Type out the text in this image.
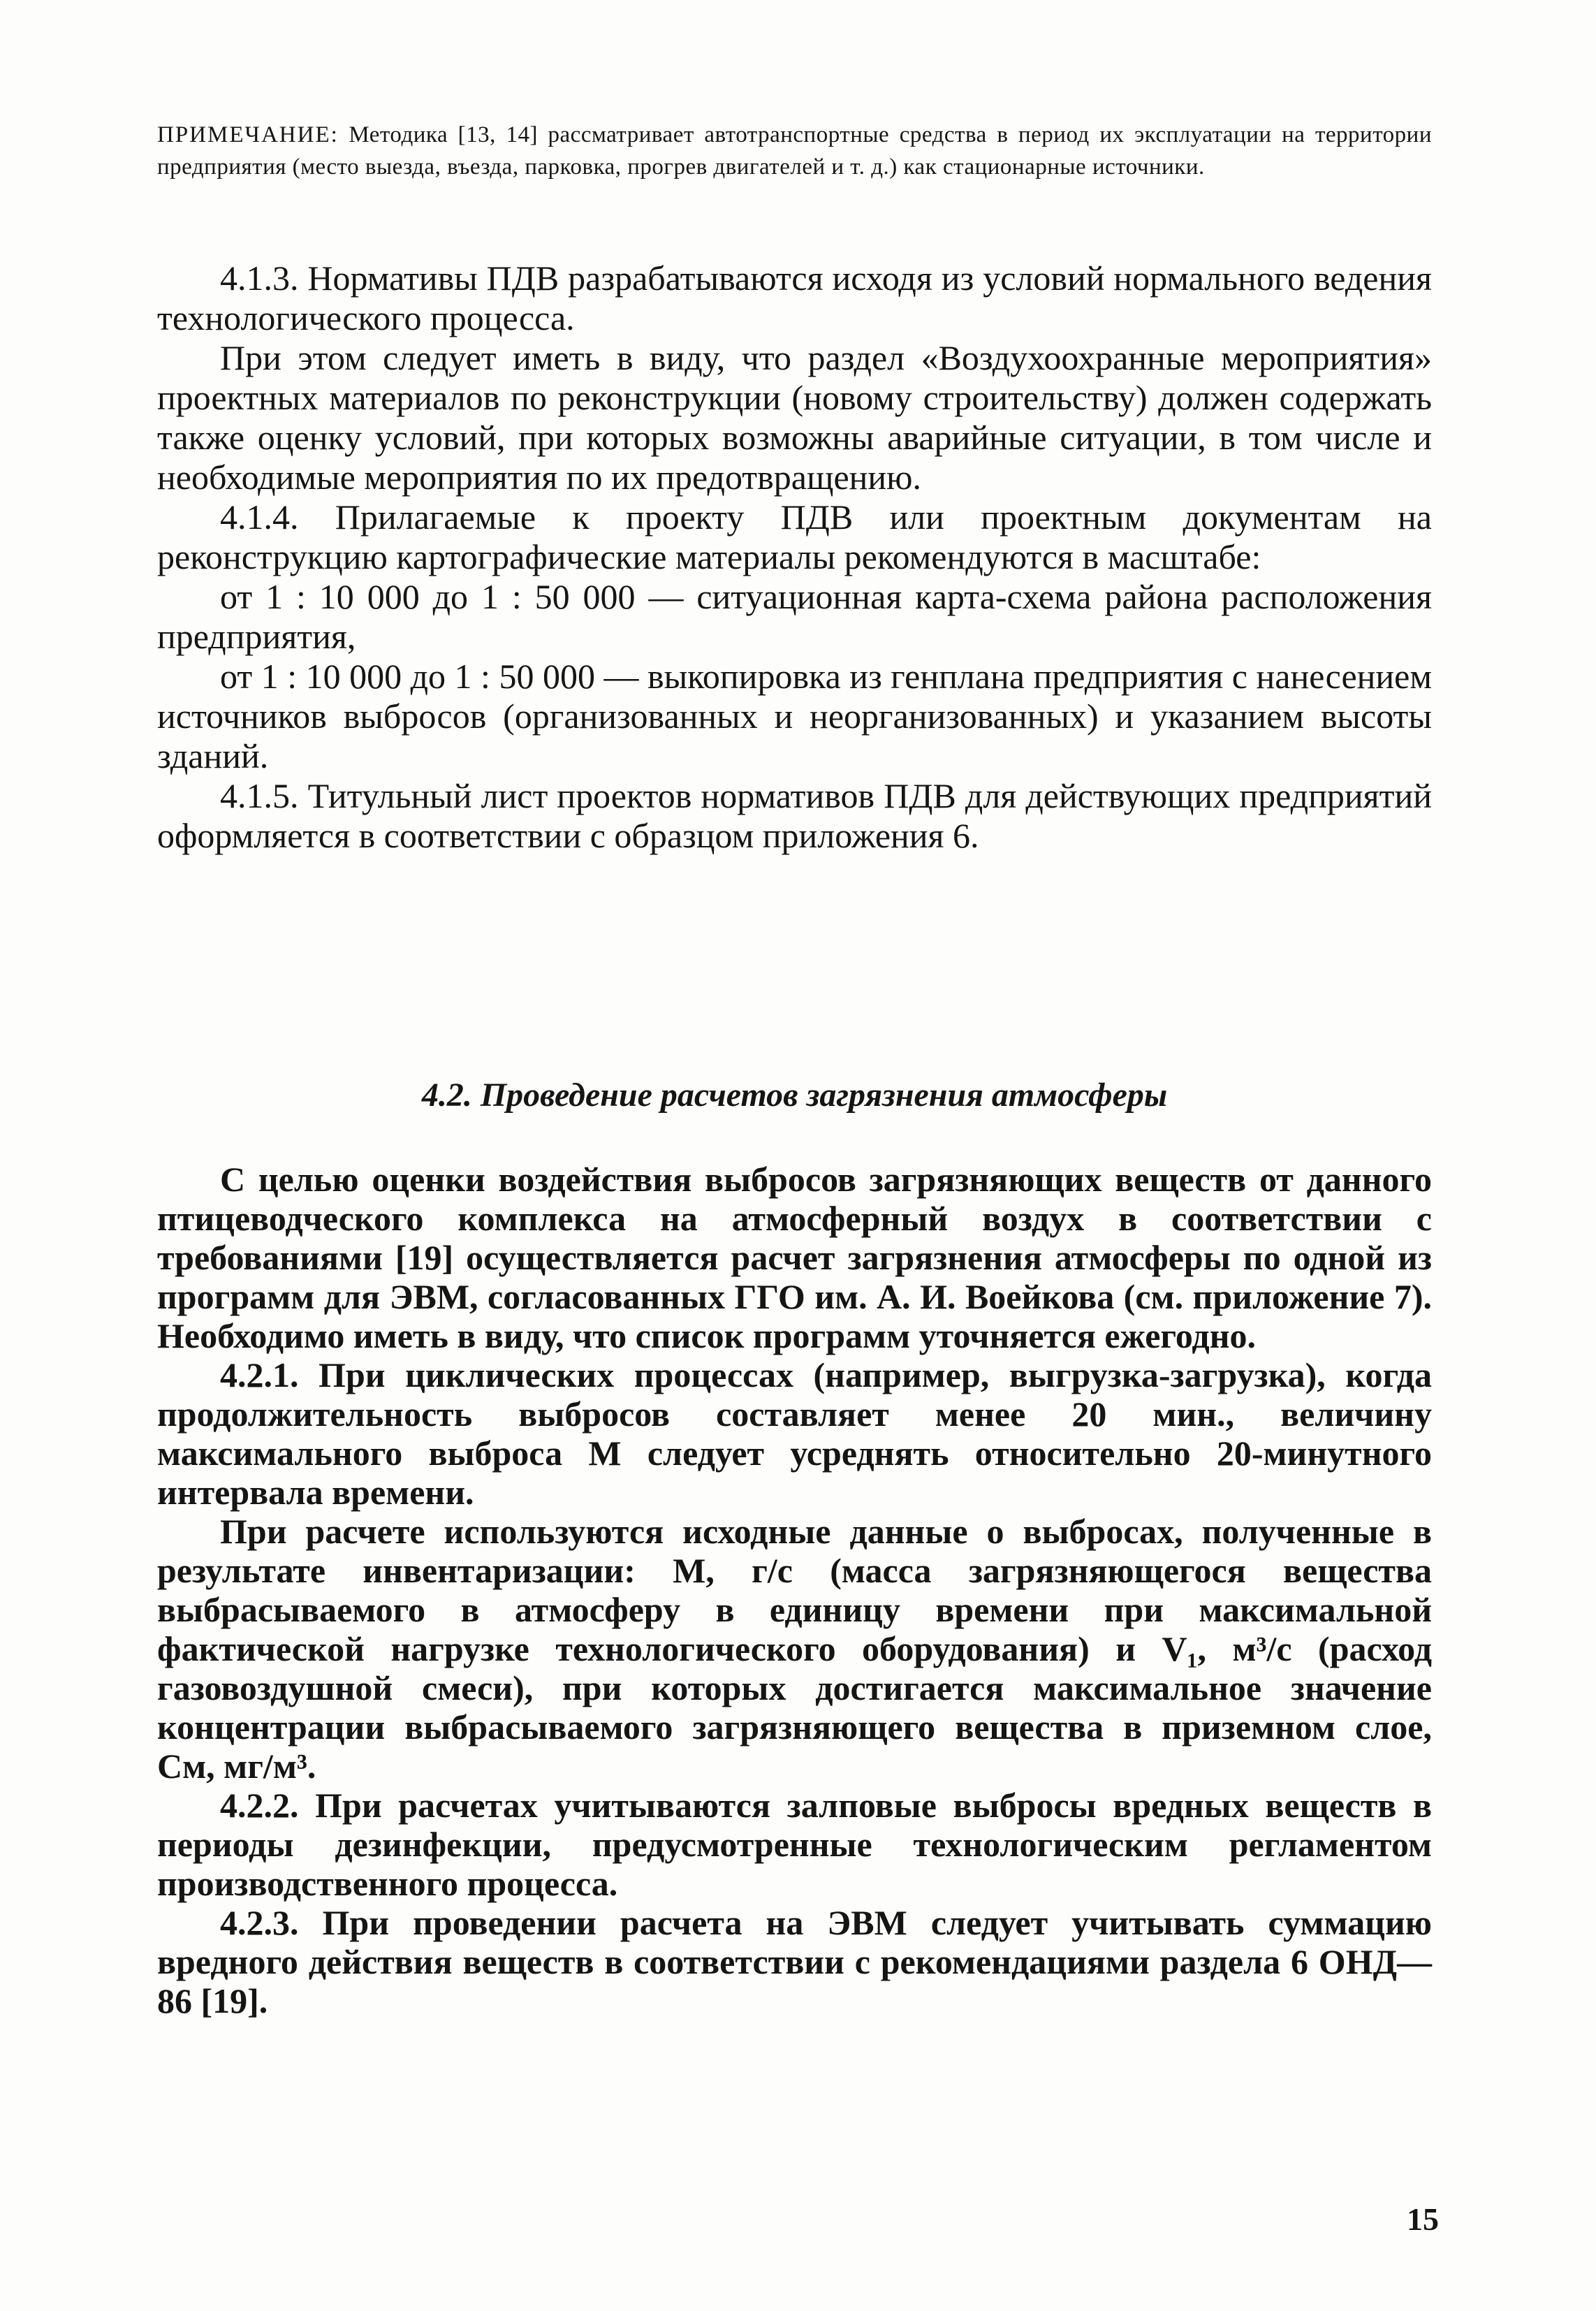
ПРИМЕЧАНИЕ: Методика [13, 14] рассматривает автотранспортные средства в период их эксплуатации на территории предприятия (место выезда, въезда, парковка, прогрев двигателей и т. д.) как стационарные источники.

4.1.3. Нормативы ПДВ разрабатываются исходя из условий нормального ведения технологического процесса.

При этом следует иметь в виду, что раздел «Воздухоохранные мероприятия» проектных материалов по реконструкции (новому строительству) должен содержать также оценку условий, при которых возможны аварийные ситуации, в том числе и необходимые мероприятия по их предотвращению.

4.1.4. Прилагаемые к проекту ПДВ или проектным документам на реконструкцию картографические материалы рекомендуются в масштабе:

от 1 : 10 000 до 1 : 50 000 — ситуационная карта-схема района расположения предприятия,

от 1 : 10 000 до 1 : 50 000 — выкопировка из генплана предприятия с нанесением источников выбросов (организованных и неорганизованных) и указанием высоты зданий.

4.1.5. Титульный лист проектов нормативов ПДВ для действующих предприятий оформляется в соответствии с образцом приложения 6.

4.2. Проведение расчетов загрязнения атмосферы

С целью оценки воздействия выбросов загрязняющих веществ от данного птицеводческого комплекса на атмосферный воздух в соответствии с требованиями [19] осуществляется расчет загрязнения атмосферы по одной из программ для ЭВМ, согласованных ГГО им. А. И. Воейкова (см. приложение 7). Необходимо иметь в виду, что список программ уточняется ежегодно.

4.2.1. При циклических процессах (например, выгрузка-загрузка), когда продолжительность выбросов составляет менее 20 мин., величину максимального выброса М следует усреднять относительно 20-минутного интервала времени.

При расчете используются исходные данные о выбросах, полученные в результате инвентаризации: М, г/с (масса загрязняющегося вещества выбрасываемого в атмосферу в единицу времени при максимальной фактической нагрузке технологического оборудования) и V₁, м³/с (расход газовоздушной смеси), при которых достигается максимальное значение концентрации выбрасываемого загрязняющего вещества в приземном слое, См, мг/м³.

4.2.2. При расчетах учитываются залповые выбросы вредных веществ в периоды дезинфекции, предусмотренные технологическим регламентом производственного процесса.

4.2.3. При проведении расчета на ЭВМ следует учитывать суммацию вредного действия веществ в соответствии с рекомендациями раздела 6 ОНД—86 [19].

15
